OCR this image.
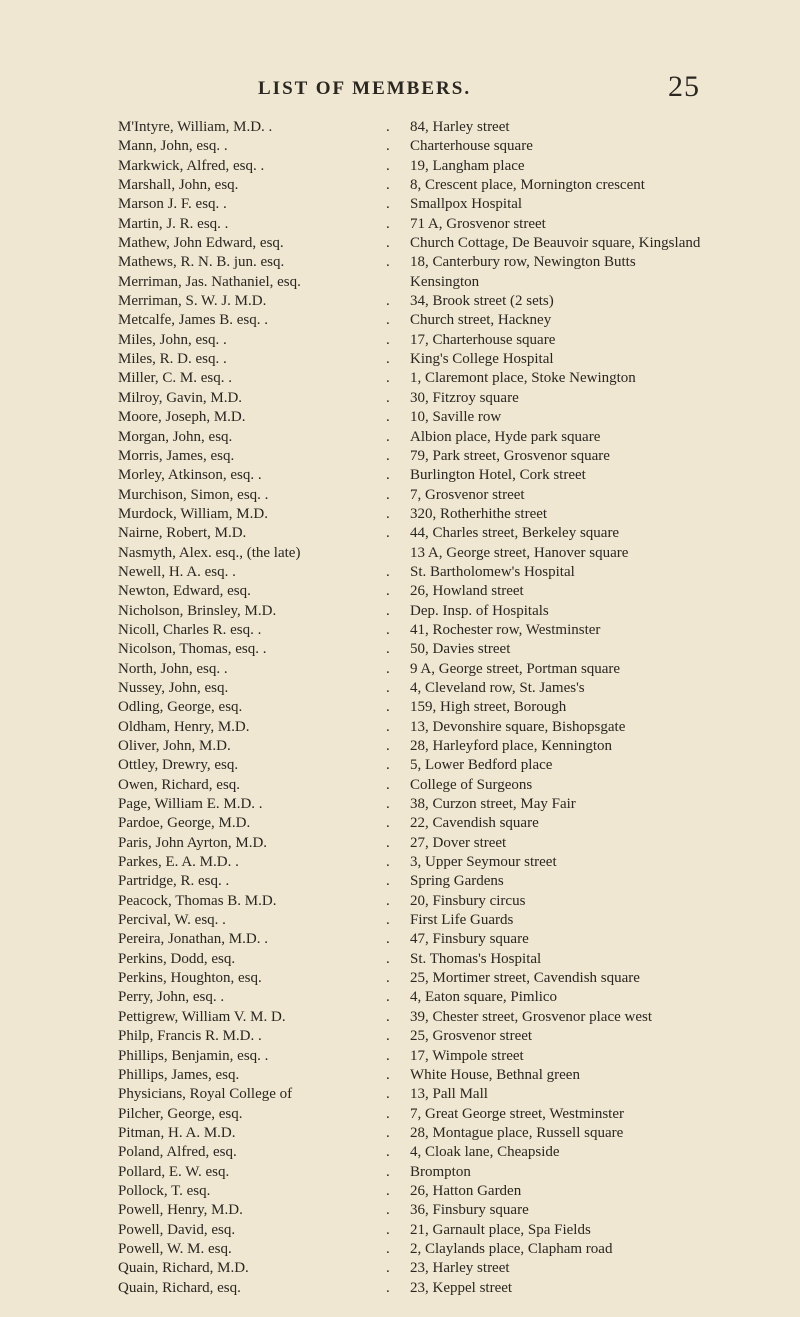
LIST OF MEMBERS.	25
M'Intyre, William, M.D. .	.	84, Harley street
Mann, John, esq. .	.	Charterhouse square
Markwick, Alfred, esq. .	.	19, Langham place
Marshall, John, esq.	.	8, Crescent place, Mornington crescent
Marson J. F. esq. .	.	Smallpox Hospital
Martin, J. R. esq. .	.	71 A, Grosvenor street
Mathew, John Edward, esq.	.	Church Cottage, De Beauvoir square, Kingsland
Mathews, R. N. B. jun. esq.	.	18, Canterbury row, Newington Butts
Merriman, Jas. Nathaniel, esq.	Kensington
Merriman, S. W. J. M.D.	.	34, Brook street (2 sets)
Metcalfe, James B. esq. .	.	Church street, Hackney
Miles, John, esq. .	.	17, Charterhouse square
Miles, R. D. esq. .	.	King's College Hospital
Miller, C. M. esq. .	.	1, Claremont place, Stoke Newington
Milroy, Gavin, M.D.	.	30, Fitzroy square
Moore, Joseph, M.D.	.	10, Saville row
Morgan, John, esq.	.	Albion place, Hyde park square
Morris, James, esq.	.	79, Park street, Grosvenor square
Morley, Atkinson, esq. .	.	Burlington Hotel, Cork street
Murchison, Simon, esq. .	.	7, Grosvenor street
Murdock, William, M.D.	.	320, Rotherhithe street
Nairne, Robert, M.D.	.	44, Charles street, Berkeley square
Nasmyth, Alex. esq., (the late)	13 A, George street, Hanover square
Newell, H. A. esq. .	.	St. Bartholomew's Hospital
Newton, Edward, esq.	.	26, Howland street
Nicholson, Brinsley, M.D.	.	Dep. Insp. of Hospitals
Nicoll, Charles R. esq. .	.	41, Rochester row, Westminster
Nicolson, Thomas, esq. .	.	50, Davies street
North, John, esq. .	.	9 A, George street, Portman square
Nussey, John, esq.	.	4, Cleveland row, St. James's
Odling, George, esq.	.	159, High street, Borough
Oldham, Henry, M.D.	.	13, Devonshire square, Bishopsgate
Oliver, John, M.D.	.	28, Harleyford place, Kennington
Ottley, Drewry, esq.	.	5, Lower Bedford place
Owen, Richard, esq.	.	College of Surgeons
Page, William E. M.D. .	.	38, Curzon street, May Fair
Pardoe, George, M.D.	.	22, Cavendish square
Paris, John Ayrton, M.D.	.	27, Dover street
Parkes, E. A. M.D. .	.	3, Upper Seymour street
Partridge, R. esq. .	.	Spring Gardens
Peacock, Thomas B. M.D.	.	20, Finsbury circus
Percival, W. esq. .	.	First Life Guards
Pereira, Jonathan, M.D. .	.	47, Finsbury square
Perkins, Dodd, esq.	.	St. Thomas's Hospital
Perkins, Houghton, esq.	.	25, Mortimer street, Cavendish square
Perry, John, esq. .	.	4, Eaton square, Pimlico
Pettigrew, William V. M. D.	.	39, Chester street, Grosvenor place west
Philp, Francis R. M.D. .	.	25, Grosvenor street
Phillips, Benjamin, esq. .	.	17, Wimpole street
Phillips, James, esq.	.	White House, Bethnal green
Physicians, Royal College of	.	13, Pall Mall
Pilcher, George, esq.	.	7, Great George street, Westminster
Pitman, H. A. M.D.	.	28, Montague place, Russell square
Poland, Alfred, esq.	.	4, Cloak lane, Cheapside
Pollard, E. W. esq.	.	Brompton
Pollock, T. esq.	.	26, Hatton Garden
Powell, Henry, M.D.	.	36, Finsbury square
Powell, David, esq.	.	21, Garnault place, Spa Fields
Powell, W. M. esq.	.	2, Claylands place, Clapham road
Quain, Richard, M.D.	.	23, Harley street
Quain, Richard, esq.	.	23, Keppel street
